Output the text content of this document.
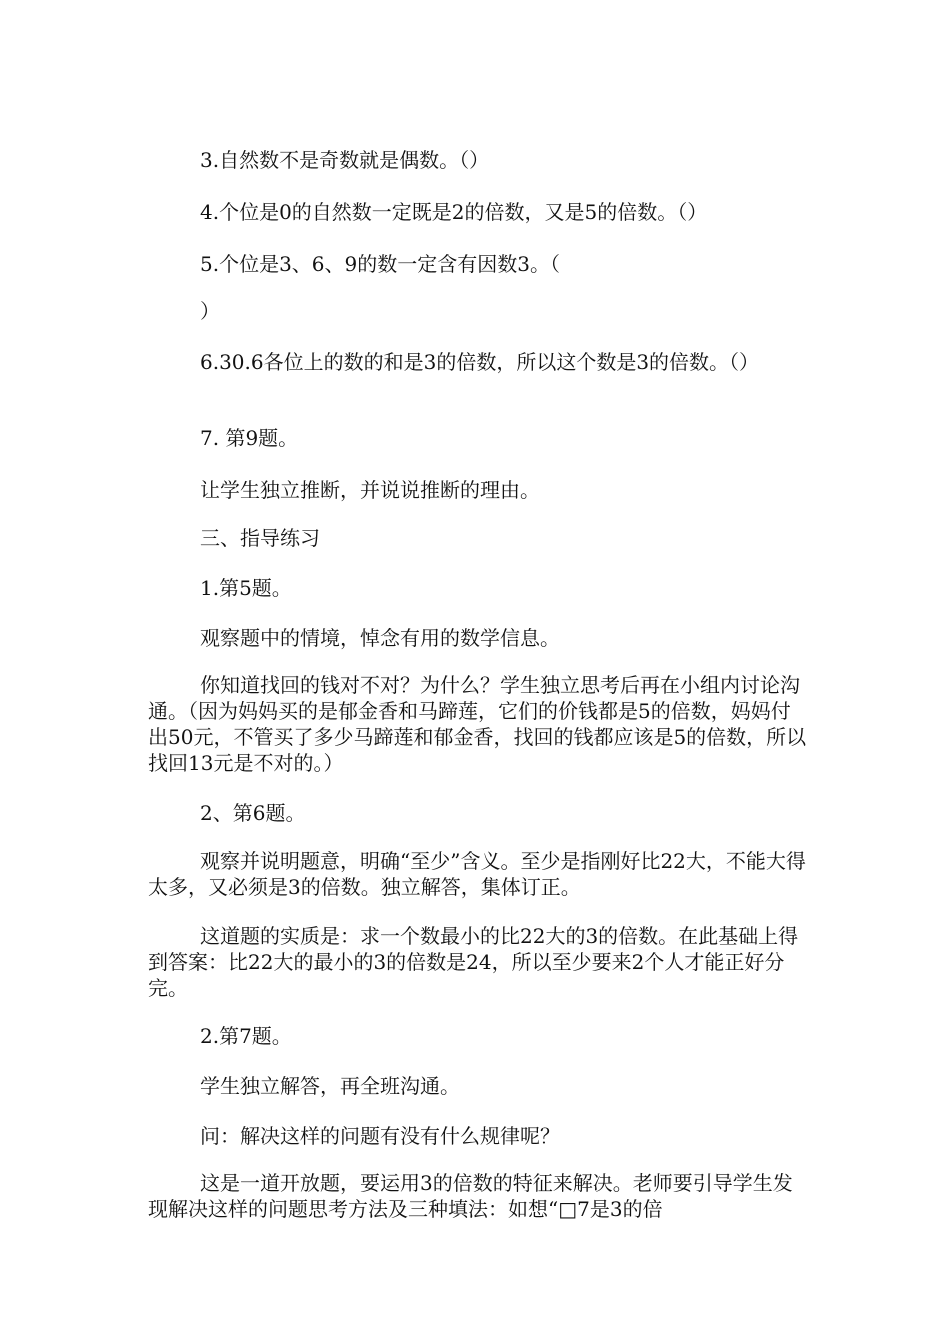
3.自然数不是奇数就是偶数。（）

4.个位是0的自然数一定既是2的倍数，又是5的倍数。（）

5.个位是3、6、9的数一定含有因数3。（

）

6.30.6各位上的数的和是3的倍数，所以这个数是3的倍数。（）

7. 第9题。

让学生独立推断，并说说推断的理由。

三、指导练习

1.第5题。

观察题中的情境，悼念有用的数学信息。

你知道找回的钱对不对？为什么？学生独立思考后再在小组内讨论沟通。（因为妈妈买的是郁金香和马蹄莲，它们的价钱都是5的倍数，妈妈付出50元，不管买了多少马蹄莲和郁金香，找回的钱都应该是5的倍数，所以找回13元是不对的。）

2、第6题。

观察并说明题意，明确“至少”含义。至少是指刚好比22大，不能大得太多，又必须是3的倍数。独立解答，集体订正。

这道题的实质是：求一个数最小的比22大的3的倍数。在此基础上得到答案：比22大的最小的3的倍数是24，所以至少要来2个人才能正好分完。

2.第7题。

学生独立解答，再全班沟通。

问：解决这样的问题有没有什么规律呢？

这是一道开放题，要运用3的倍数的特征来解决。老师要引导学生发现解决这样的问题思考方法及三种填法：如想“□7是3的倍
